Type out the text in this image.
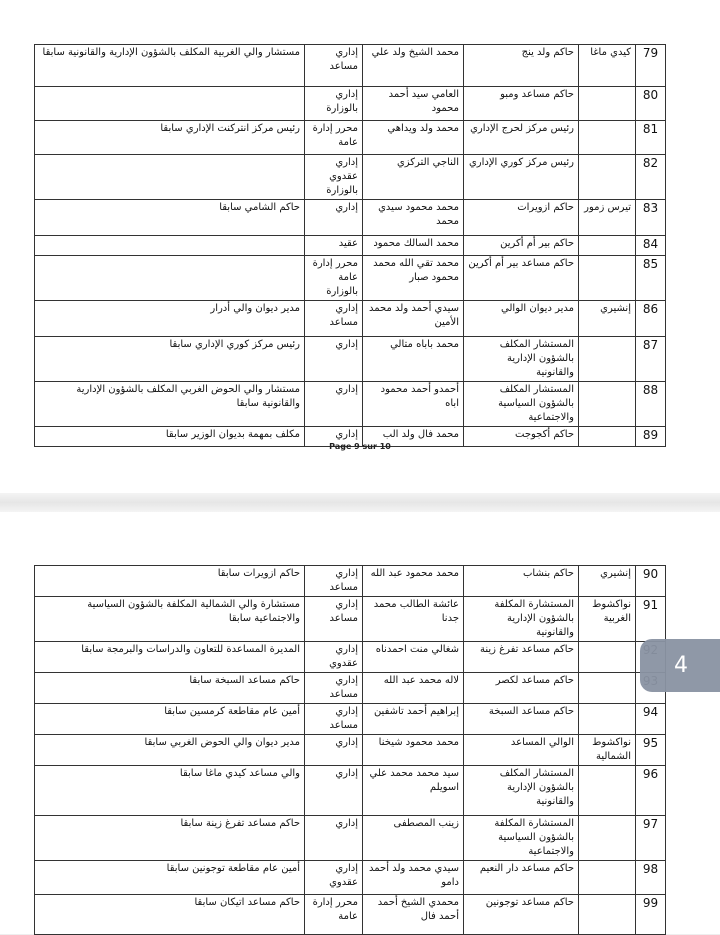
79	كيدي ماغا	حاكم ولد ينج	محمد الشيخ ولد علي	إداري مساعد	مستشار والي الغربية المكلف بالشؤون الإدارية والقانونية سابقا
80		حاكم مساعد ومبو	العامي سيد أحمد محمود	إداري بالوزارة	
81		رئيس مركز لحرج الإداري	محمد ولد ويداهي	محرر إدارة عامة	رئيس مركز انتركنت الإداري سابقا
82		رئيس مركز كوري الإداري	الناجي التركزي	إداري عقدوي بالوزارة	
83	تيرس زمور	حاكم ازويرات	محمد محمود سيدي محمد	إداري	حاكم الشامي سابقا
84		حاكم بير أم أكرين	محمد السالك محمود	عقيد	
85		حاكم مساعد بير أم أكرين	محمد تقي الله محمد محمود صبار	محرر إدارة عامة بالوزارة	
86	إنشيري	مدير ديوان الوالي	سيدي أحمد ولد محمد الأمين	إداري مساعد	مدير ديوان والي أدرار
87		المستشار المكلف بالشؤون الإدارية والقانونية	محمد باباه متالي	إداري	رئيس مركز كوري الإداري سابقا
88		المستشار المكلف بالشؤون السياسية والاجتماعية	أحمدو أحمد محمود اباه	إداري	مستشار والي الحوض الغربي المكلف بالشؤون الإدارية والقانونية سابقا
89		حاكم أكجوجت	محمد فال ولد الب	إداري	مكلف بمهمة بديوان الوزير سابقا
Page 9 sur 10
90	إنشيري	حاكم بنشاب	محمد محمود عبد الله	إداري مساعد	حاكم ازويرات سابقا
91	نواكشوط الغربية	المستشارة المكلفة بالشؤون الإدارية والقانونية	عائشة الطالب محمد جدنا	إداري مساعد	مستشارة والي الشمالية المكلفة بالشؤون السياسية والاجتماعية سابقا
		حاكم مساعد تفرغ زينة	شغالي منت احمدناه	إداري عقدوي	المديرة المساعدة للتعاون والدراسات والبرمجة سابقا
		حاكم مساعد لكصر	لاله محمد عبد الله	إداري مساعد	حاكم مساعد السبخة سابقا
94		حاكم مساعد السبخة	إبراهيم أحمد تاشفين	إداري مساعد	أمين عام مقاطعة كرمسين سابقا
95	نواكشوط الشمالية	الوالي المساعد	محمد محمود شيخنا	إداري	مدير ديوان والي الحوض الغربي سابقا
96		المستشار المكلف بالشؤون الإدارية والقانونية	سيد محمد محمد علي اسويلم	إداري	والي مساعد كيدي ماغا سابقا
97		المستشارة المكلفة بالشؤون السياسية والاجتماعية	زينب المصطفى	إداري	حاكم مساعد تفرغ زينة سابقا
98		حاكم مساعد دار النعيم	سيدي محمد ولد أحمد دامو	إداري عقدوي	أمين عام مقاطعة توجونين سابقا
99		حاكم مساعد توجونين	محمدي الشيخ أحمد أحمد فال	محرر إدارة عامة	حاكم مساعد اتيكان سابقا
4
